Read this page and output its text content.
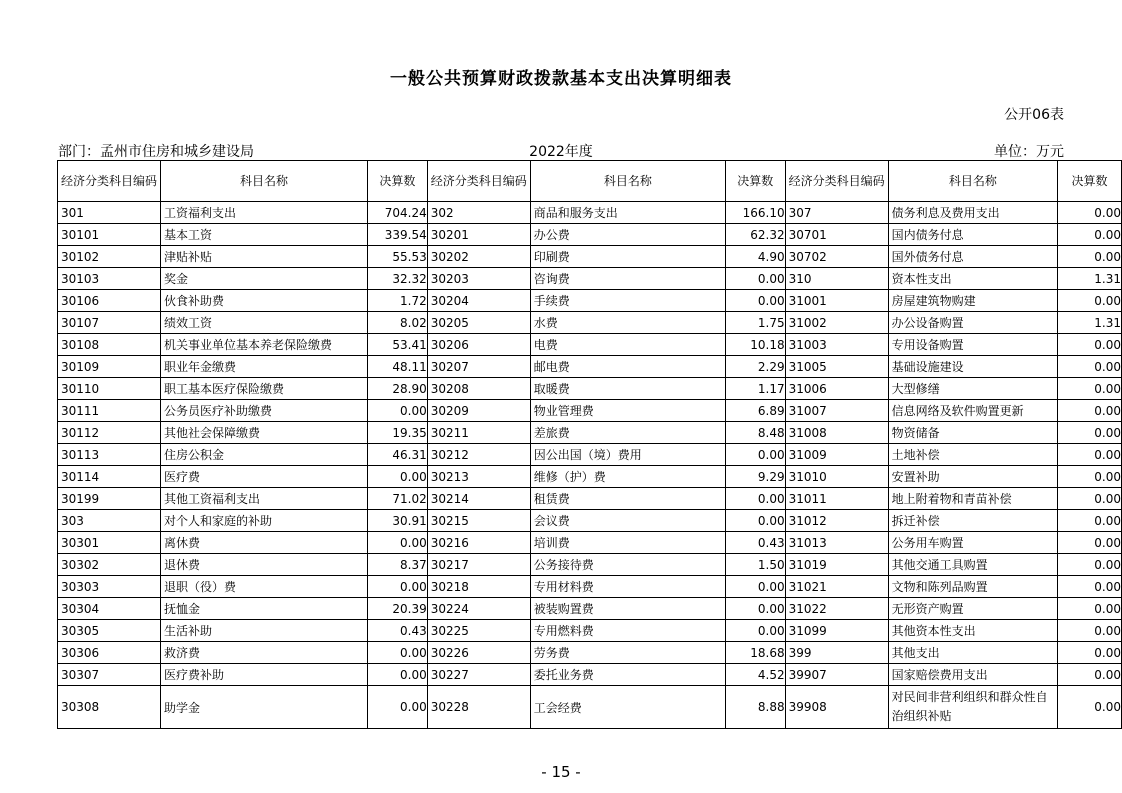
一般公共预算财政拨款基本支出决算明细表
公开06表
部门：孟州市住房和城乡建设局	2022年度	单位：万元
经济分类科目编码	科目名称	决算数	经济分类科目编码	科目名称	决算数	经济分类科目编码	科目名称	决算数
301	工资福利支出	704.24	302	商品和服务支出	166.10	307	债务利息及费用支出	0.00
30101	基本工资	339.54	30201	办公费	62.32	30701	国内债务付息	0.00
30102	津贴补贴	55.53	30202	印刷费	4.90	30702	国外债务付息	0.00
30103	奖金	32.32	30203	咨询费	0.00	310	资本性支出	1.31
30106	伙食补助费	1.72	30204	手续费	0.00	31001	房屋建筑物购建	0.00
30107	绩效工资	8.02	30205	水费	1.75	31002	办公设备购置	1.31
30108	机关事业单位基本养老保险缴费	53.41	30206	电费	10.18	31003	专用设备购置	0.00
30109	职业年金缴费	48.11	30207	邮电费	2.29	31005	基础设施建设	0.00
30110	职工基本医疗保险缴费	28.90	30208	取暖费	1.17	31006	大型修缮	0.00
30111	公务员医疗补助缴费	0.00	30209	物业管理费	6.89	31007	信息网络及软件购置更新	0.00
30112	其他社会保障缴费	19.35	30211	差旅费	8.48	31008	物资储备	0.00
30113	住房公积金	46.31	30212	因公出国（境）费用	0.00	31009	土地补偿	0.00
30114	医疗费	0.00	30213	维修（护）费	9.29	31010	安置补助	0.00
30199	其他工资福利支出	71.02	30214	租赁费	0.00	31011	地上附着物和青苗补偿	0.00
303	对个人和家庭的补助	30.91	30215	会议费	0.00	31012	拆迁补偿	0.00
30301	离休费	0.00	30216	培训费	0.43	31013	公务用车购置	0.00
30302	退休费	8.37	30217	公务接待费	1.50	31019	其他交通工具购置	0.00
30303	退职（役）费	0.00	30218	专用材料费	0.00	31021	文物和陈列品购置	0.00
30304	抚恤金	20.39	30224	被装购置费	0.00	31022	无形资产购置	0.00
30305	生活补助	0.43	30225	专用燃料费	0.00	31099	其他资本性支出	0.00
30306	救济费	0.00	30226	劳务费	18.68	399	其他支出	0.00
30307	医疗费补助	0.00	30227	委托业务费	4.52	39907	国家赔偿费用支出	0.00
30308	助学金	0.00	30228	工会经费	8.88	39908	对民间非营利组织和群众性自治组织补贴	0.00
- 15 -
